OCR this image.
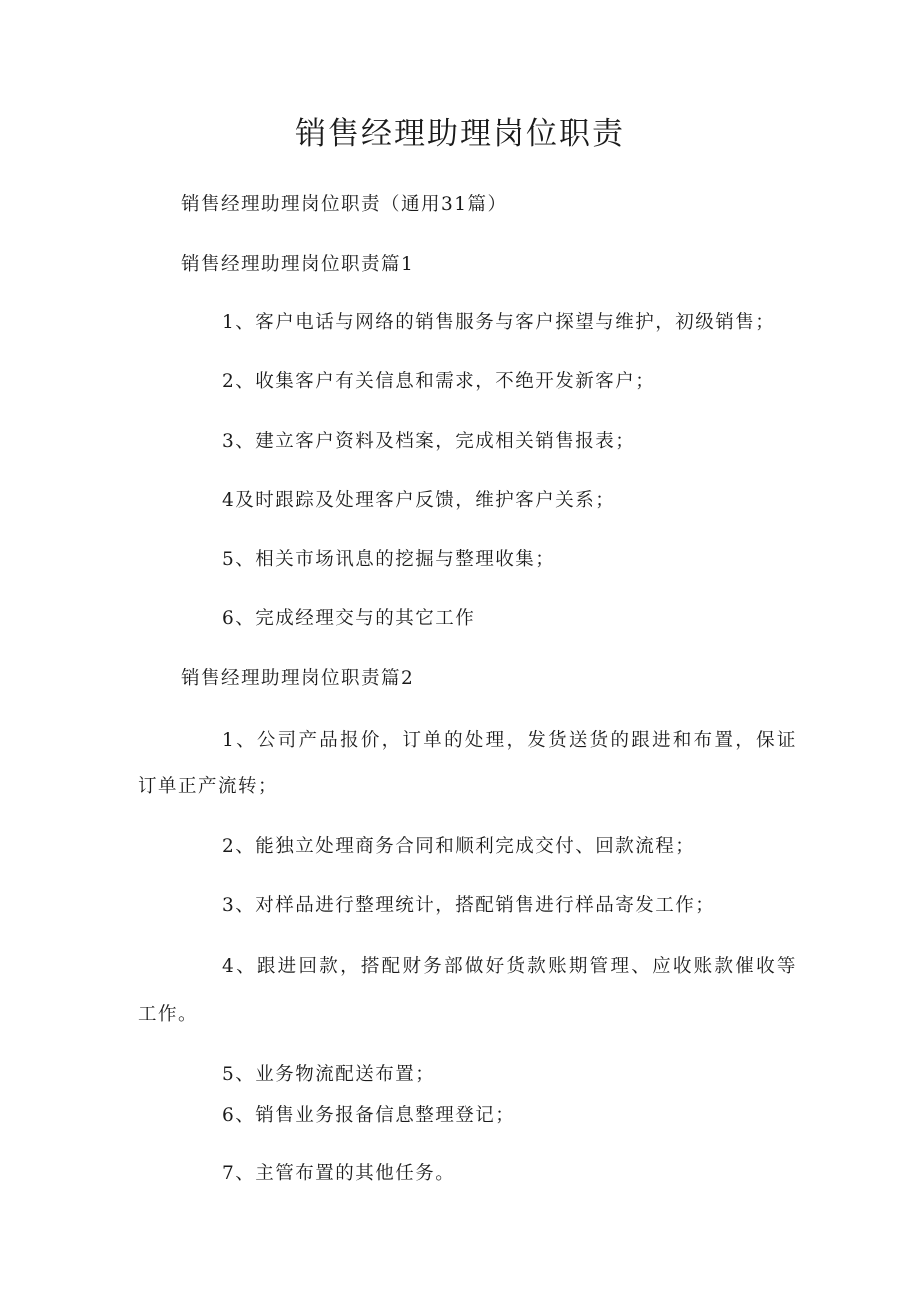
销售经理助理岗位职责

销售经理助理岗位职责（通用31篇）

销售经理助理岗位职责篇1

1、客户电话与网络的销售服务与客户探望与维护，初级销售；

2、收集客户有关信息和需求，不绝开发新客户；

3、建立客户资料及档案，完成相关销售报表；

4及时跟踪及处理客户反馈，维护客户关系；

5、相关市场讯息的挖掘与整理收集；

6、完成经理交与的其它工作

销售经理助理岗位职责篇2

1、公司产品报价，订单的处理，发货送货的跟进和布置，保证

订单正产流转；

2、能独立处理商务合同和顺利完成交付、回款流程；

3、对样品进行整理统计，搭配销售进行样品寄发工作；

4、跟进回款，搭配财务部做好货款账期管理、应收账款催收等

工作。

5、业务物流配送布置；

6、销售业务报备信息整理登记；

7、主管布置的其他任务。
